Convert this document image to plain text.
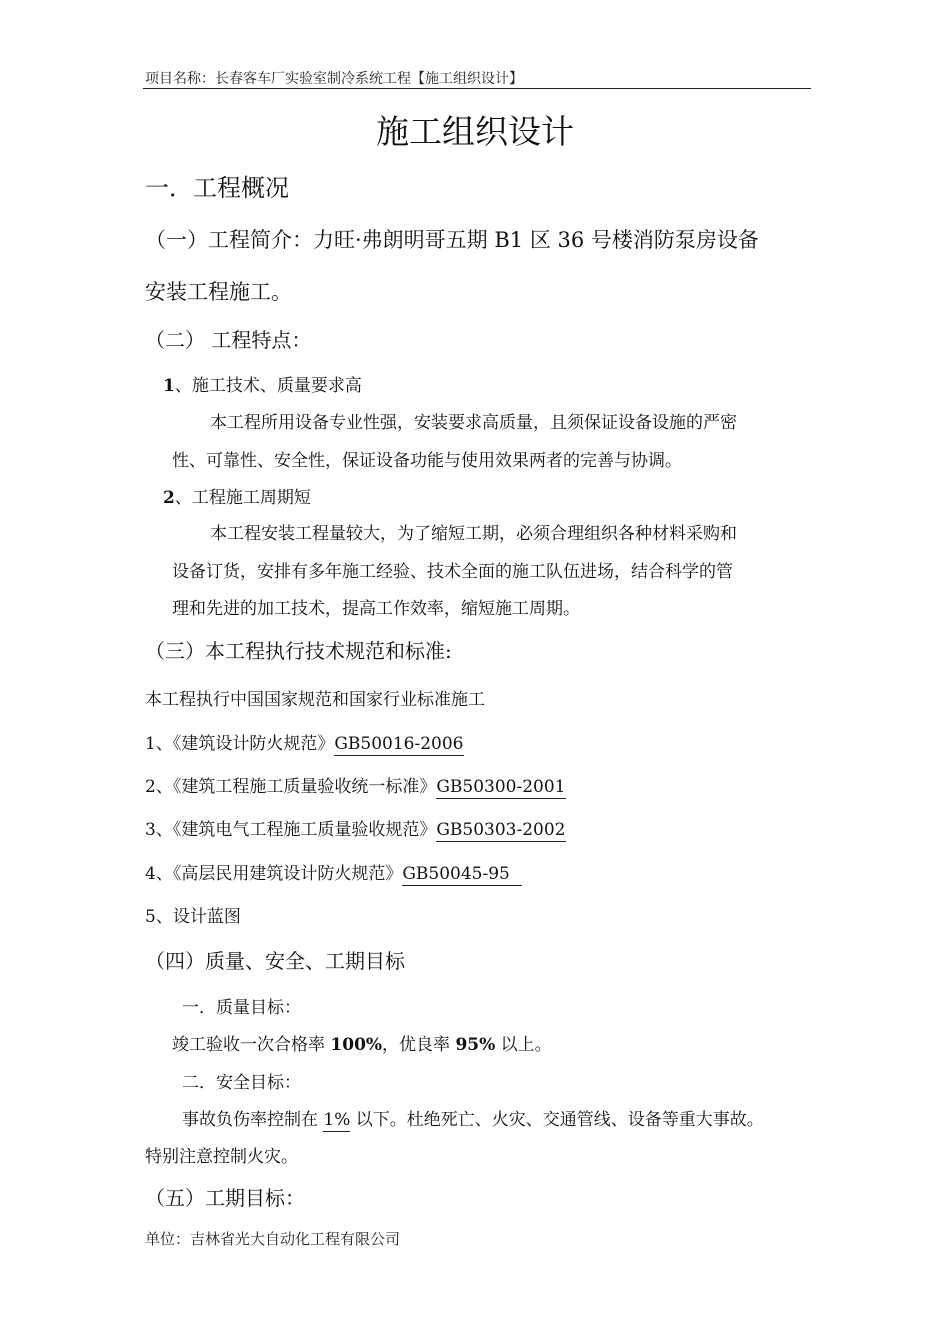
项目名称：长春客车厂实验室制冷系统工程【施工组织设计】
施工组织设计
一．工程概况
（一）工程简介：力旺·弗朗明哥五期 B1 区 36 号楼消防泵房设备
安装工程施工。
（二） 工程特点：
1、施工技术、质量要求高
本工程所用设备专业性强，安装要求高质量，且须保证设备设施的严密
性、可靠性、安全性，保证设备功能与使用效果两者的完善与协调。
2、工程施工周期短
本工程安装工程量较大，为了缩短工期，必须合理组织各种材料采购和
设备订货，安排有多年施工经验、技术全面的施工队伍进场，结合科学的管
理和先进的加工技术，提高工作效率，缩短施工周期。
（三）本工程执行技术规范和标准:
本工程执行中国国家规范和国家行业标准施工
1、《建筑设计防火规范》GB50016-2006
2、《建筑工程施工质量验收统一标准》GB50300-2001
3、《建筑电气工程施工质量验收规范》GB50303-2002
4、《高层民用建筑设计防火规范》GB50045-95
5、设计蓝图
（四）质量、安全、工期目标
一．质量目标：
竣工验收一次合格率 100%，优良率 95% 以上。
二．安全目标：
事故负伤率控制在 1% 以下。杜绝死亡、火灾、交通管线、设备等重大事故。
特别注意控制火灾。
（五）工期目标：
单位：吉林省光大自动化工程有限公司
